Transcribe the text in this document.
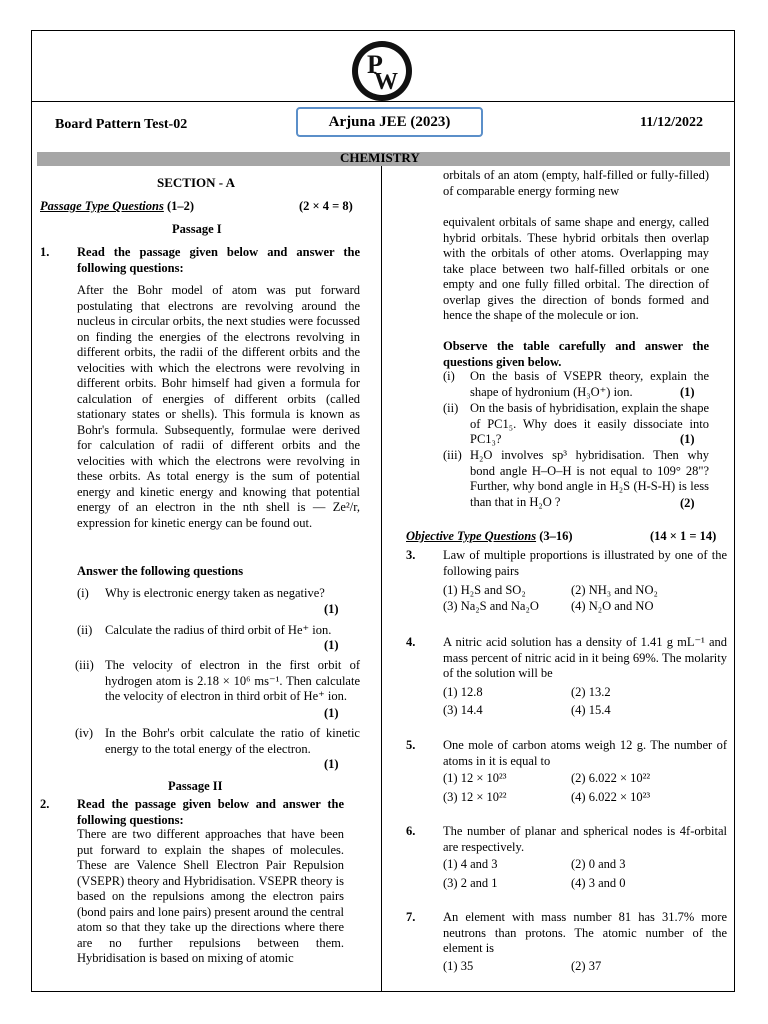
P
W
Board Pattern Test-02	Arjuna JEE (2023)	11/12/2022
CHEMISTRY
SECTION - A
Passage Type Questions (1–2)	(2 × 4 = 8)
Passage I
1. Read the passage given below and answer the following questions:
After the Bohr model of atom was put forward postulating that electrons are revolving around the nucleus in circular orbits, the next studies were focussed on finding the energies of the electrons revolving in different orbits, the radii of the different orbits and the velocities with which the electrons were revolving in different orbits. Bohr himself had given a formula for calculation of energies of different orbits (called stationary states or shells). This formula is known as Bohr's formula. Subsequently, formulae were derived for calculation of radii of different orbits and the velocities with which the electrons were revolving in these orbits. As total energy is the sum of potential energy and kinetic energy and knowing that potential energy of an electron in the nth shell is — Ze²/r, expression for kinetic energy can be found out.
Answer the following questions
(i) Why is electronic energy taken as negative?
(1)
(ii) Calculate the radius of third orbit of He⁺ ion.
(1)
(iii) The velocity of electron in the first orbit of hydrogen atom is 2.18 × 10⁶ ms⁻¹. Then calculate the velocity of electron in third orbit of He⁺ ion.
(1)
(iv) In the Bohr's orbit calculate the ratio of kinetic energy to the total energy of the electron.
(1)
Passage II
2. Read the passage given below and answer the following questions:
There are two different approaches that have been put forward to explain the shapes of molecules. These are Valence Shell Electron Pair Repulsion (VSEPR) theory and Hybridisation. VSEPR theory is based on the repulsions among the electron pairs (bond pairs and lone pairs) present around the central atom so that they take up the directions where there are no further repulsions between them. Hybridisation is based on mixing of atomic
orbitals of an atom (empty, half-filled or fully-filled) of comparable energy forming new
equivalent orbitals of same shape and energy, called hybrid orbitals. These hybrid orbitals then overlap with the orbitals of other atoms. Overlapping may take place between two half-filled orbitals or one empty and one fully filled orbital. The direction of overlap gives the direction of bonds formed and hence the shape of the molecule or ion.
Observe the table carefully and answer the questions given below.
(i) On the basis of VSEPR theory, explain the shape of hydronium (H₃O⁺) ion.	(1)
(ii) On the basis of hybridisation, explain the shape of PC1₅. Why does it easily dissociate into PC1₃?	(1)
(iii) H₂O involves sp³ hybridisation. Then why bond angle H–O–H is not equal to 109° 28"? Further, why bond angle in H₂S (H-S-H) is less than that in H₂O ?	(2)
Objective Type Questions (3–16)	(14 × 1 = 14)
3. Law of multiple proportions is illustrated by one of the following pairs
(1) H₂S and SO₂	(2) NH₃ and NO₂
(3) Na₂S and Na₂O	(4) N₂O and NO
4. A nitric acid solution has a density of 1.41 g mL⁻¹ and mass percent of nitric acid in it being 69%. The molarity of the solution will be
(1) 12.8	(2) 13.2
(3) 14.4	(4) 15.4
5. One mole of carbon atoms weigh 12 g. The number of atoms in it is equal to
(1) 12 × 10²³	(2) 6.022 × 10²²
(3) 12 × 10²²	(4) 6.022 × 10²³
6. The number of planar and spherical nodes is 4f-orbital are respectively.
(1) 4 and 3	(2) 0 and 3
(3) 2 and 1	(4) 3 and 0
7. An element with mass number 81 has 31.7% more neutrons than protons. The atomic number of the element is
(1) 35	(2) 37
